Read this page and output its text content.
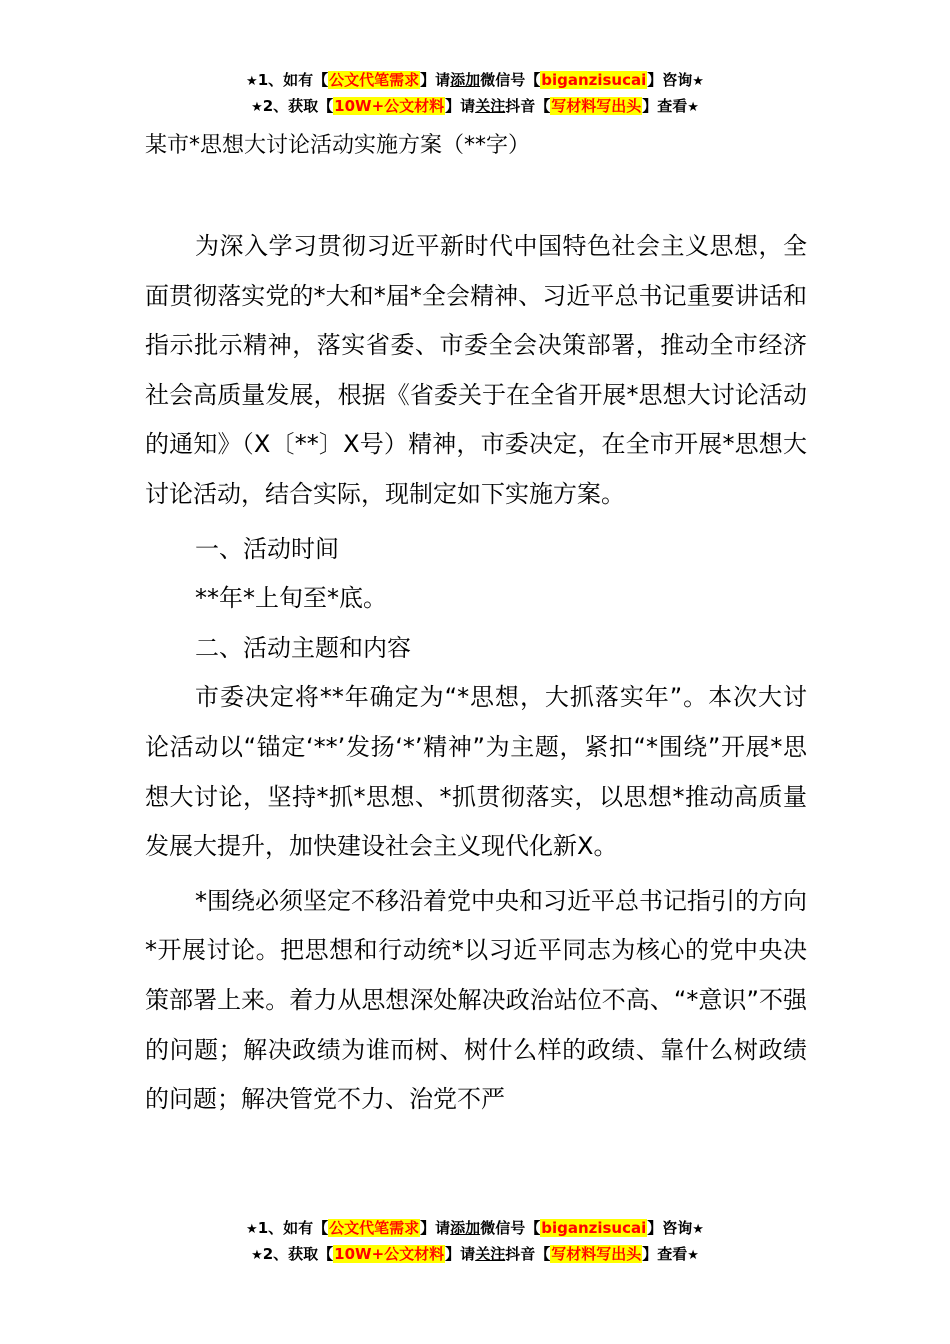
★1、如有【公文代笔需求】请添加微信号【biganzisucai】咨询★
★2、获取【10W+公文材料】请关注抖音【写材料写出头】查看★
某市*思想大讨论活动实施方案（**字）

为深入学习贯彻习近平新时代中国特色社会主义思想，全面贯彻落实党的*大和*届*全会精神、习近平总书记重要讲话和指示批示精神，落实省委、市委全会决策部署，推动全市经济社会高质量发展，根据《省委关于在全省开展*思想大讨论活动的通知》（X〔**〕X号）精神，市委决定，在全市开展*思想大讨论活动，结合实际，现制定如下实施方案。

一、活动时间

**年*上旬至*底。

二、活动主题和内容

市委决定将**年确定为“*思想，大抓落实年”。本次大讨论活动以“锚定‘**’发扬‘*’精神”为主题，紧扣“*围绕”开展*思想大讨论，坚持*抓*思想、*抓贯彻落实，以思想*推动高质量发展大提升，加快建设社会主义现代化新X。

*围绕必须坚定不移沿着党中央和习近平总书记指引的方向*开展讨论。把思想和行动统*以习近平同志为核心的党中央决策部署上来。着力从思想深处解决政治站位不高、“*意识”不强的问题；解决政绩为谁而树、树什么样的政绩、靠什么树政绩的问题；解决管党不力、治党不严

★1、如有【公文代笔需求】请添加微信号【biganzisucai】咨询★
★2、获取【10W+公文材料】请关注抖音【写材料写出头】查看★
